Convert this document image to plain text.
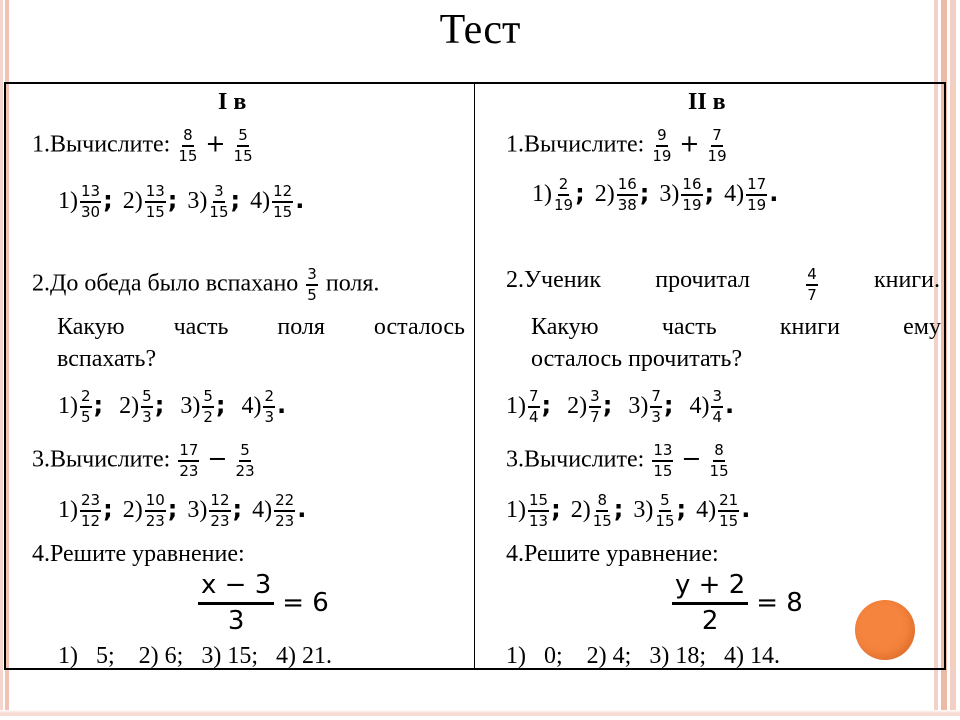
Тест
I в
1.Вычислите: $\frac{8}{15} + \frac{5}{15}$
$1) \frac{13}{30}$ ; $2) \frac{13}{15}$ ; $3) \frac{3}{15}$ ; $4) \frac{12}{15}$ .
2.До обеда было вспахано $\frac{3}{5}$ поля.
Какую часть поля осталось
вспахать?
$1) \frac{2}{5}$ ; $2) \frac{5}{3}$ ; $3) \frac{5}{2}$ ; $4) \frac{2}{3}$ .
3.Вычислите: $\frac{17}{23} - \frac{5}{23}$
$1) \frac{23}{12}$ ; $2) \frac{10}{23}$ ; $3) \frac{12}{23}$ ; $4) \frac{22}{23}$ .
4.Решите уравнение:
$\frac{x - 3}{3} = 6$
1)   5;    2) 6;   3) 15;   4) 21.
II в
1.Вычислите: $\frac{9}{19} + \frac{7}{19}$
$1) \frac{2}{19}$ ; $2) \frac{16}{38}$ ; $3) \frac{16}{19}$ ; $4) \frac{17}{19}$ .
2.Ученик прочитал	$\frac{4}{7}$ книги.
Какую	часть	книги	ему
осталось прочитать?
$1) \frac{7}{4}$ ; $2) \frac{3}{7}$ ; $3) \frac{7}{3}$ ; $4) \frac{3}{4}$ .
3.Вычислите: $\frac{13}{15} - \frac{8}{15}$
$1) \frac{15}{13}$ ; $2) \frac{8}{15}$ ; $3) \frac{5}{15}$ ; $4) \frac{21}{15}$ .
4.Решите уравнение:
$\frac{y + 2}{2} = 8$
1)   0;    2) 4;   3) 18;   4) 14.
